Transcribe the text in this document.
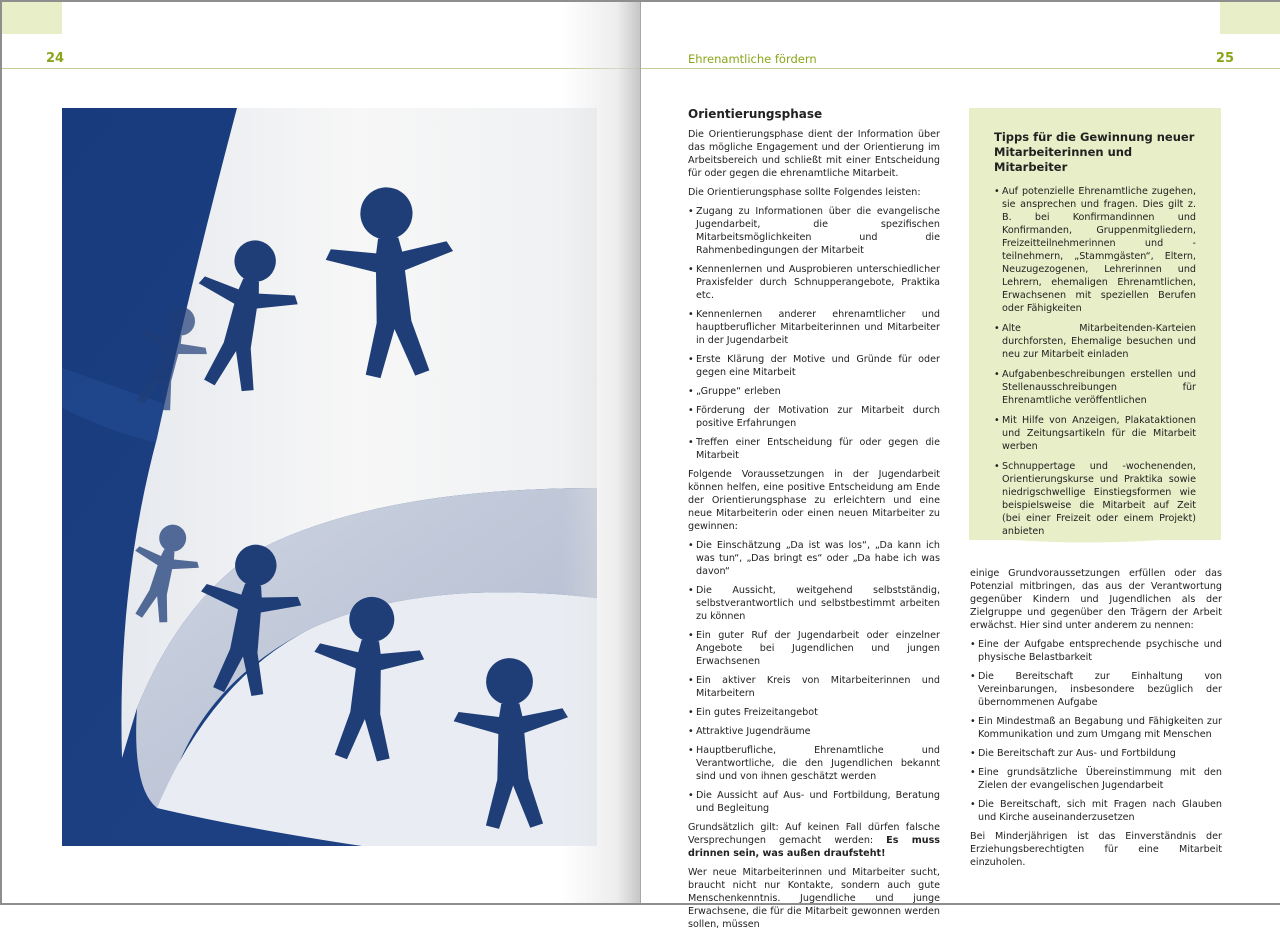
24	Ehrenamtliche fördern	25
Orientierungsphase

Die Orientierungsphase dient der Information über das mögliche Engagement und der Orientierung im Arbeitsbereich und schließt mit einer Entscheidung für oder gegen die ehrenamtliche Mitarbeit.

Die Orientierungsphase sollte Folgendes leisten:

• Zugang zu Informationen über die evangelische Jugendarbeit, die spezifischen Mitarbeitsmöglichkeiten und die Rahmenbedingungen der Mitarbeit
• Kennenlernen und Ausprobieren unterschiedlicher Praxisfelder durch Schnupperangebote, Praktika etc.
• Kennenlernen anderer ehrenamtlicher und hauptberuflicher Mitarbeiterinnen und Mitarbeiter in der Jugendarbeit
• Erste Klärung der Motive und Gründe für oder gegen eine Mitarbeit
• „Gruppe“ erleben
• Förderung der Motivation zur Mitarbeit durch positive Erfahrungen
• Treffen einer Entscheidung für oder gegen die Mitarbeit

Folgende Voraussetzungen in der Jugendarbeit können helfen, eine positive Entscheidung am Ende der Orientierungsphase zu erleichtern und eine neue Mitarbeiterin oder einen neuen Mitarbeiter zu gewinnen:

• Die Einschätzung „Da ist was los“, „Da kann ich was tun“, „Das bringt es“ oder „Da habe ich was davon“
• Die Aussicht, weitgehend selbstständig, selbstverantwortlich und selbstbestimmt arbeiten zu können
• Ein guter Ruf der Jugendarbeit oder einzelner Angebote bei Jugendlichen und jungen Erwachsenen
• Ein aktiver Kreis von Mitarbeiterinnen und Mitarbeitern
• Ein gutes Freizeitangebot
• Attraktive Jugendräume
• Hauptberufliche, Ehrenamtliche und Verantwortliche, die den Jugendlichen bekannt sind und von ihnen geschätzt werden
• Die Aussicht auf Aus- und Fortbildung, Beratung und Begleitung

Grundsätzlich gilt: Auf keinen Fall dürfen falsche Versprechungen gemacht werden: Es muss drinnen sein, was außen draufsteht!

Wer neue Mitarbeiterinnen und Mitarbeiter sucht, braucht nicht nur Kontakte, sondern auch gute Menschenkenntnis. Jugendliche und junge Erwachsene, die für die Mitarbeit gewonnen werden sollen, müssen

Tipps für die Gewinnung neuer Mitarbeiterinnen und Mitarbeiter
• Auf potenzielle Ehrenamtliche zugehen, sie ansprechen und fragen. Dies gilt z. B. bei Konfirmandinnen und Konfirmanden, Gruppenmitgliedern, Freizeitteilnehmerinnen und -teilnehmern, „Stammgästen“, Eltern, Neuzugezogenen, Lehrerinnen und Lehrern, ehemaligen Ehrenamtlichen, Erwachsenen mit speziellen Berufen oder Fähigkeiten
• Alte Mitarbeitenden-Karteien durchforsten, Ehemalige besuchen und neu zur Mitarbeit einladen
• Aufgabenbeschreibungen erstellen und Stellenausschreibungen für Ehrenamtliche veröffentlichen
• Mit Hilfe von Anzeigen, Plakataktionen und Zeitungsartikeln für die Mitarbeit werben
• Schnuppertage und -wochenenden, Orientierungskurse und Praktika sowie niedrigschwellige Einstiegsformen wie beispielsweise die Mitarbeit auf Zeit (bei einer Freizeit oder einem Projekt) anbieten

einige Grundvoraussetzungen erfüllen oder das Potenzial mitbringen, das aus der Verantwortung gegenüber Kindern und Jugendlichen als der Zielgruppe und gegenüber den Trägern der Arbeit erwächst. Hier sind unter anderem zu nennen:

• Eine der Aufgabe entsprechende psychische und physische Belastbarkeit
• Die Bereitschaft zur Einhaltung von Vereinbarungen, insbesondere bezüglich der übernommenen Aufgabe
• Ein Mindestmaß an Begabung und Fähigkeiten zur Kommunikation und zum Umgang mit Menschen
• Die Bereitschaft zur Aus- und Fortbildung
• Eine grundsätzliche Übereinstimmung mit den Zielen der evangelischen Jugendarbeit
• Die Bereitschaft, sich mit Fragen nach Glauben und Kirche auseinanderzusetzen

Bei Minderjährigen ist das Einverständnis der Erziehungsberechtigten für eine Mitarbeit einzuholen.
